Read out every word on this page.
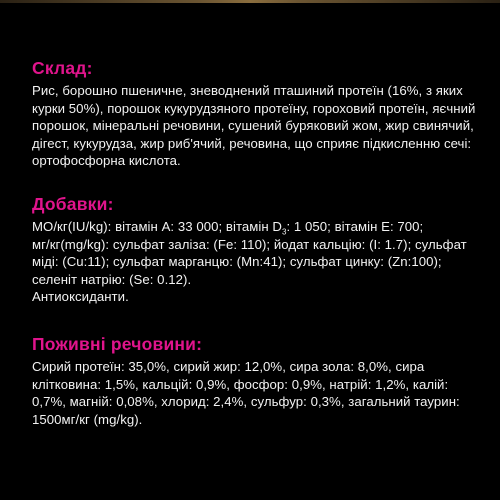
Склад:

Рис, борошно пшеничне, зневоднений пташиний протеїн (16%, з яких курки 50%), порошок кукурудзяного протеїну, гороховий протеїн, яєчний порошок, мінеральні речовини, сушений буряковий жом, жир свинячий, дігест, кукурудза, жир риб'ячий, речовина, що сприяє підкисленню сечі: ортофосфорна кислота.

Добавки:

МО/кг(IU/kg): вітамін А: 33 000; вітамін $D_3$: 1 050; вітамін Е: 700;

мг/кг(mg/kg): сульфат заліза: (Fe: 110); йодат кальцію: (I: 1.7); сульфат міді: (Cu:11); сульфат марганцю: (Mn:41); сульфат цинку: (Zn:100); селеніт натрію: (Se: 0.12).

Антиоксиданти.

Поживні речовини:

Сирий протеїн: 35,0%, сирий жир: 12,0%, сира зола: 8,0%, сира клітковина: 1,5%, кальцій: 0,9%, фосфор: 0,9%, натрій: 1,2%, калій: 0,7%, магній: 0,08%, хлорид: 2,4%, сульфур: 0,3%, загальний таурин: 1500мг/кг (mg/kg).
